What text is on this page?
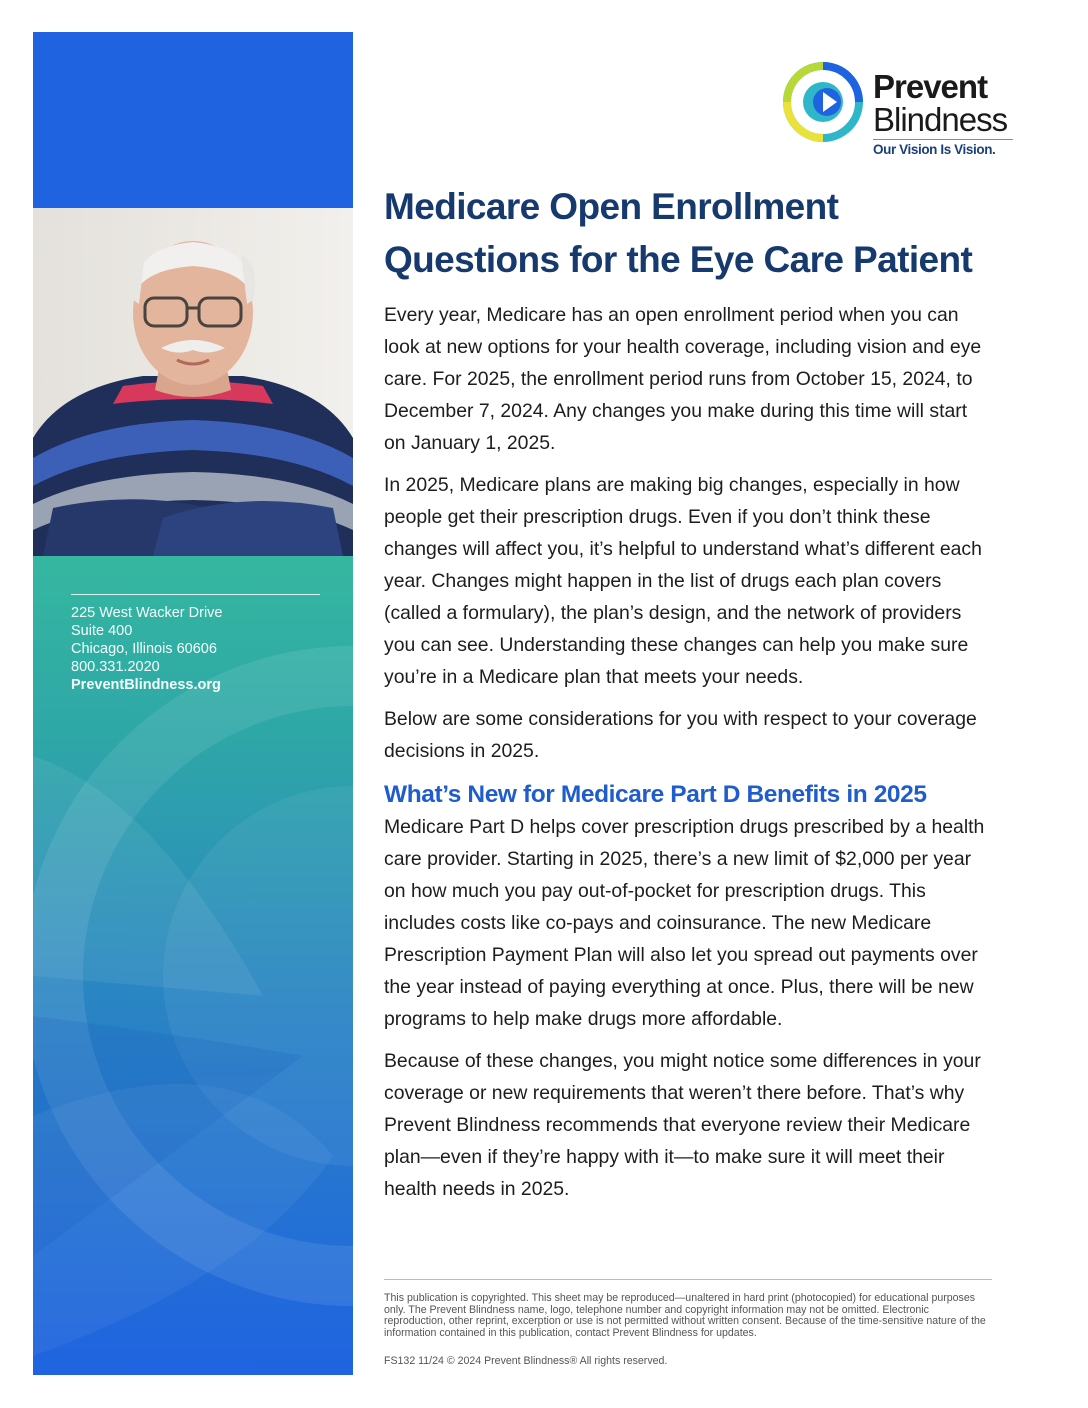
225 West Wacker Drive
Suite 400
Chicago, Illinois 60606
800.331.2020
PreventBlindness.org
Prevent
Blindness
Our Vision Is Vision.
Medicare Open Enrollment
Questions for the Eye Care Patient

Every year, Medicare has an open enrollment period when you can look at new options for your health coverage, including vision and eye care. For 2025, the enrollment period runs from October 15, 2024, to December 7, 2024. Any changes you make during this time will start on January 1, 2025.

In 2025, Medicare plans are making big changes, especially in how people get their prescription drugs. Even if you don’t think these changes will affect you, it’s helpful to understand what’s different each year. Changes might happen in the list of drugs each plan covers (called a formulary), the plan’s design, and the network of providers you can see. Understanding these changes can help you make sure you’re in a Medicare plan that meets your needs.

Below are some considerations for you with respect to your coverage decisions in 2025.

What’s New for Medicare Part D Benefits in 2025

Medicare Part D helps cover prescription drugs prescribed by a health care provider. Starting in 2025, there’s a new limit of $2,000 per year on how much you pay out-of-pocket for prescription drugs. This includes costs like co-pays and coinsurance. The new Medicare Prescription Payment Plan will also let you spread out payments over the year instead of paying everything at once. Plus, there will be new programs to help make drugs more affordable.

Because of these changes, you might notice some differences in your coverage or new requirements that weren’t there before. That’s why Prevent Blindness recommends that everyone review their Medicare plan—even if they’re happy with it—to make sure it will meet their health needs in 2025.

This publication is copyrighted. This sheet may be reproduced—unaltered in hard print (photocopied) for educational purposes only. The Prevent Blindness name, logo, telephone number and copyright information may not be omitted. Electronic reproduction, other reprint, excerption or use is not permitted without written consent. Because of the time-sensitive nature of the information contained in this publication, contact Prevent Blindness for updates.
FS132 11/24 © 2024 Prevent Blindness® All rights reserved.
